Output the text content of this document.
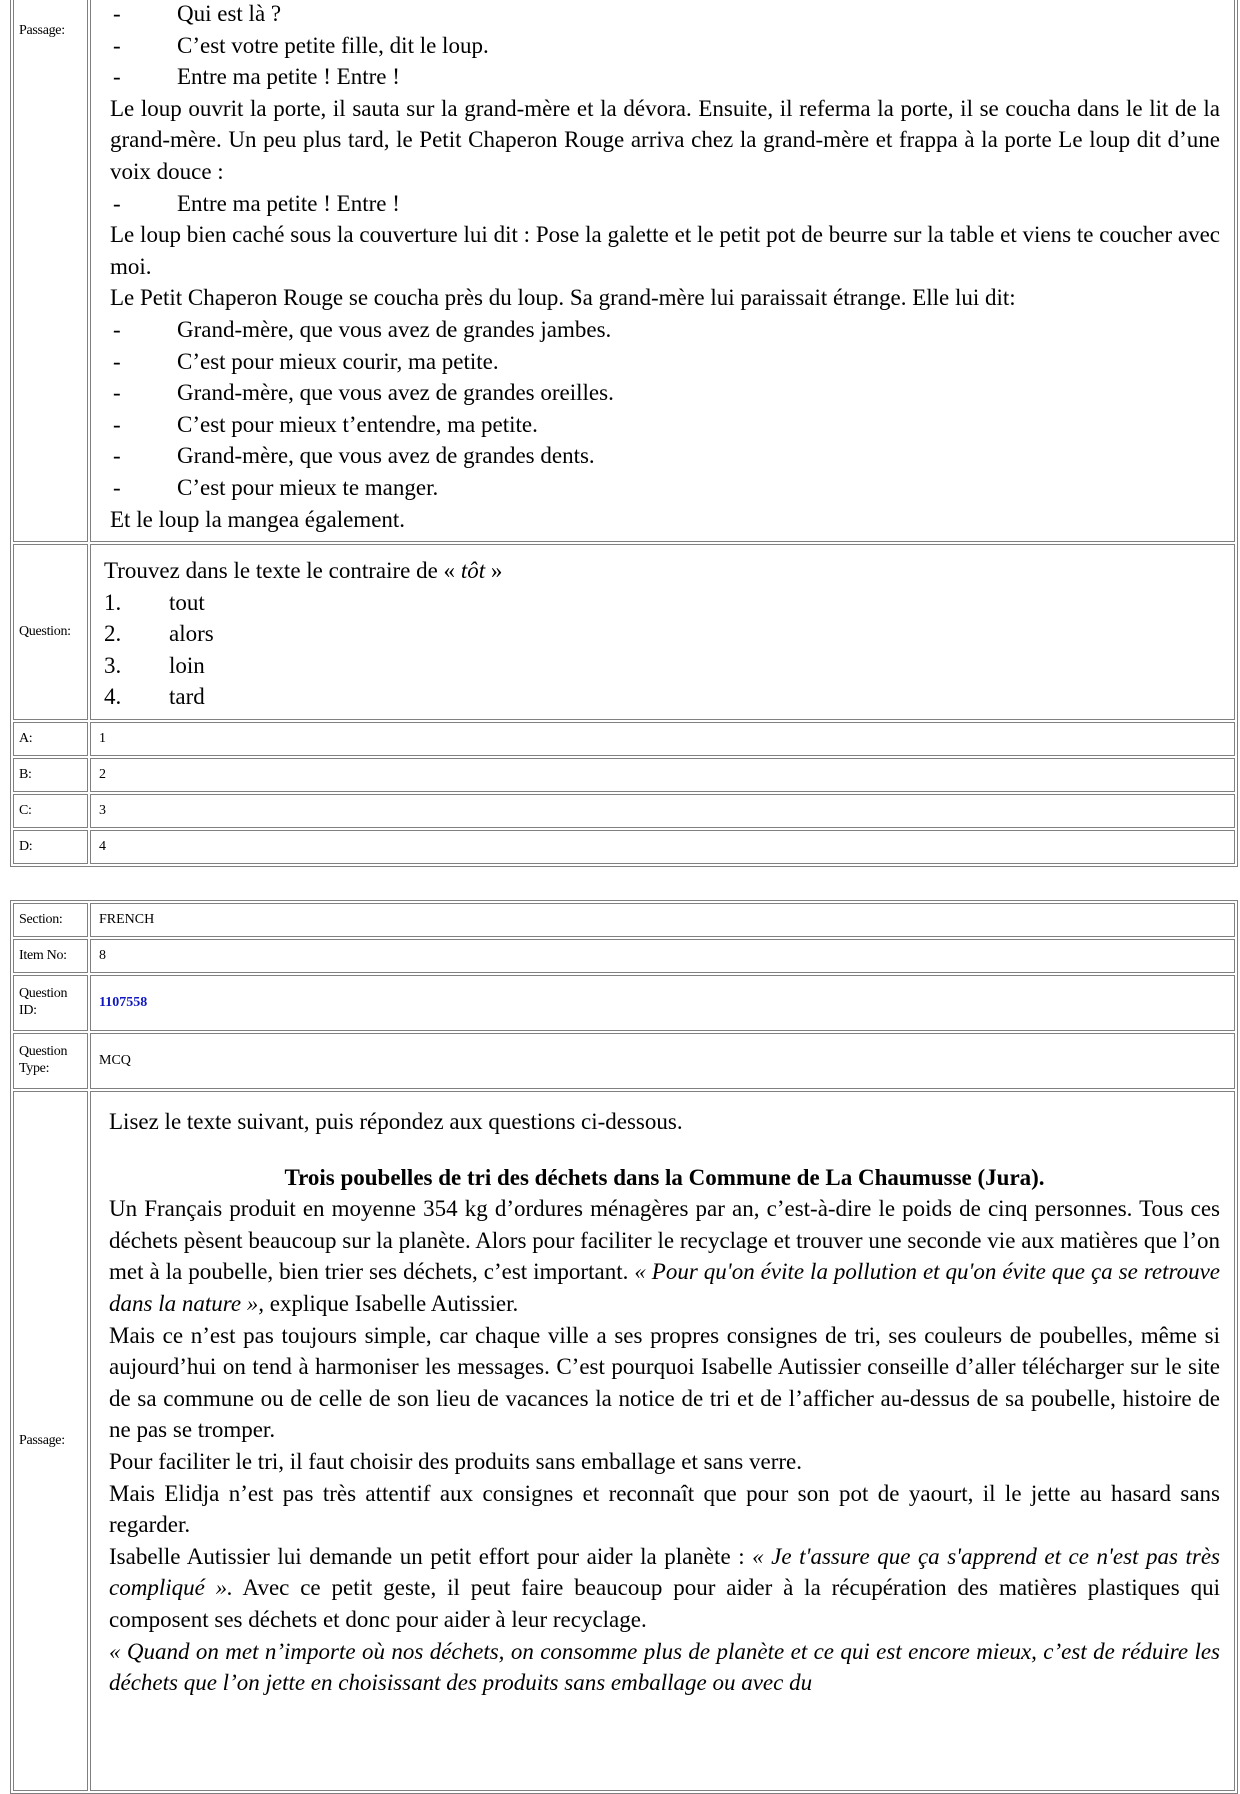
Passage:
-	Qui est là ?
-	C’est votre petite fille, dit le loup.
-	Entre ma petite ! Entre !

Le loup ouvrit la porte, il sauta sur la grand-mère et la dévora. Ensuite, il referma la porte, il se coucha dans le lit de la grand-mère. Un peu plus tard, le Petit Chaperon Rouge arriva chez la grand-mère et frappa à la porte Le loup dit d’une voix douce :

-	Entre ma petite ! Entre !

Le loup bien caché sous la couverture lui dit : Pose la galette et le petit pot de beurre sur la table et viens te coucher avec moi.

Le Petit Chaperon Rouge se coucha près du loup. Sa grand-mère lui paraissait étrange. Elle lui dit:

-	Grand-mère, que vous avez de grandes jambes.
-	C’est pour mieux courir, ma petite.
-	Grand-mère, que vous avez de grandes oreilles.
-	C’est pour mieux t’entendre, ma petite.
-	Grand-mère, que vous avez de grandes dents.
-	C’est pour mieux te manger.

Et le loup la mangea également.

Question:

Trouvez dans le texte le contraire de « tôt »

1.	tout
2.	alors
3.	loin
4.	tard
A:	1
B:	2
C:	3
D:	4
Section:	FRENCH
Item No:	8
Question ID:
1107558
Question Type:
MCQ
Passage:

Lisez le texte suivant, puis répondez aux questions ci-dessous.

Trois poubelles de tri des déchets dans la Commune de La Chaumusse (Jura).

Un Français produit en moyenne 354 kg d’ordures ménagères par an, c’est-à-dire le poids de cinq personnes. Tous ces déchets pèsent beaucoup sur la planète. Alors pour faciliter le recyclage et trouver une seconde vie aux matières que l’on met à la poubelle, bien trier ses déchets, c’est important. « Pour qu'on évite la pollution et qu'on évite que ça se retrouve dans la nature », explique Isabelle Autissier.

Mais ce n’est pas toujours simple, car chaque ville a ses propres consignes de tri, ses couleurs de poubelles, même si aujourd’hui on tend à harmoniser les messages. C’est pourquoi Isabelle Autissier conseille d’aller télécharger sur le site de sa commune ou de celle de son lieu de vacances la notice de tri et de l’afficher au-dessus de sa poubelle, histoire de ne pas se tromper.

Pour faciliter le tri, il faut choisir des produits sans emballage et sans verre.

Mais Elidja n’est pas très attentif aux consignes et reconnaît que pour son pot de yaourt, il le jette au hasard sans regarder.

Isabelle Autissier lui demande un petit effort pour aider la planète : « Je t'assure que ça s'apprend et ce n'est pas très compliqué ». Avec ce petit geste, il peut faire beaucoup pour aider à la récupération des matières plastiques qui composent ses déchets et donc pour aider à leur recyclage.

« Quand on met n’importe où nos déchets, on consomme plus de planète et ce qui est encore mieux, c’est de réduire les déchets que l’on jette en choisissant des produits sans emballage ou avec du
